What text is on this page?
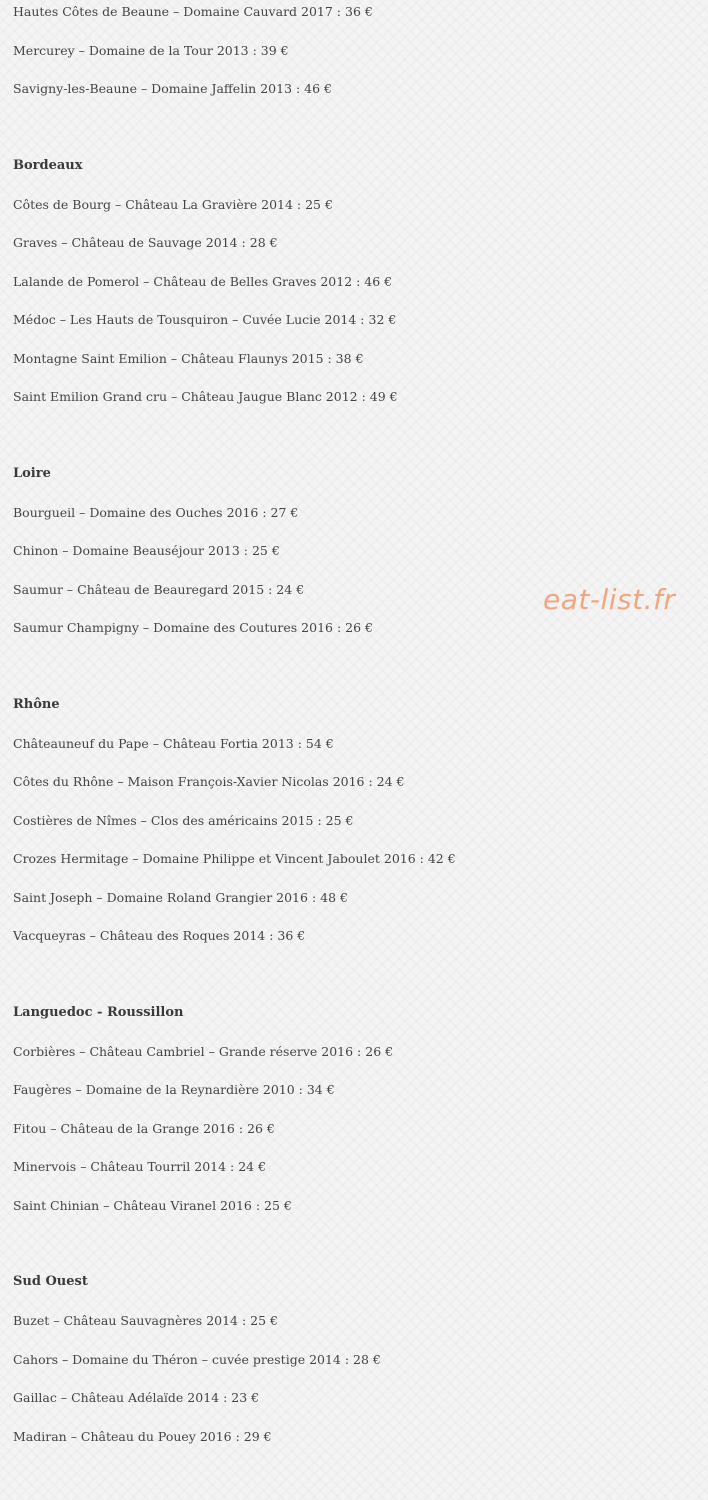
Hautes Côtes de Beaune – Domaine Cauvard 2017 : 36 €
Mercurey – Domaine de la Tour 2013 : 39 €
Savigny-les-Beaune – Domaine Jaffelin 2013 : 46 €
Bordeaux
Côtes de Bourg – Château La Gravière 2014 : 25 €
Graves – Château de Sauvage 2014 : 28 €
Lalande de Pomerol – Château de Belles Graves 2012 : 46 €
Médoc – Les Hauts de Tousquiron – Cuvée Lucie 2014 : 32 €
Montagne Saint Emilion – Château Flaunys 2015 : 38 €
Saint Emilion Grand cru – Château Jaugue Blanc 2012 : 49 €
Loire
Bourgueil – Domaine des Ouches 2016 : 27 €
Chinon – Domaine Beauséjour 2013 : 25 €
Saumur – Château de Beauregard 2015 : 24 €
Saumur Champigny – Domaine des Coutures 2016 : 26 €
Rhône
Châteauneuf du Pape – Château Fortia 2013 : 54 €
Côtes du Rhône – Maison François-Xavier Nicolas 2016 : 24 €
Costières de Nîmes – Clos des américains 2015 : 25 €
Crozes Hermitage – Domaine Philippe et Vincent Jaboulet 2016 : 42 €
Saint Joseph – Domaine Roland Grangier 2016 : 48 €
Vacqueyras – Château des Roques 2014 : 36 €
Languedoc - Roussillon
Corbières – Château Cambriel – Grande réserve 2016 : 26 €
Faugères – Domaine de la Reynardière 2010 : 34 €
Fitou – Château de la Grange 2016 : 26 €
Minervois – Château Tourril 2014 : 24 €
Saint Chinian – Château Viranel 2016 : 25 €
Sud Ouest
Buzet – Château Sauvagnères 2014 : 25 €
Cahors – Domaine du Théron – cuvée prestige 2014 : 28 €
Gaillac – Château Adélaïde 2014 : 23 €
Madiran – Château du Pouey 2016 : 29 €
eat-list.fr
